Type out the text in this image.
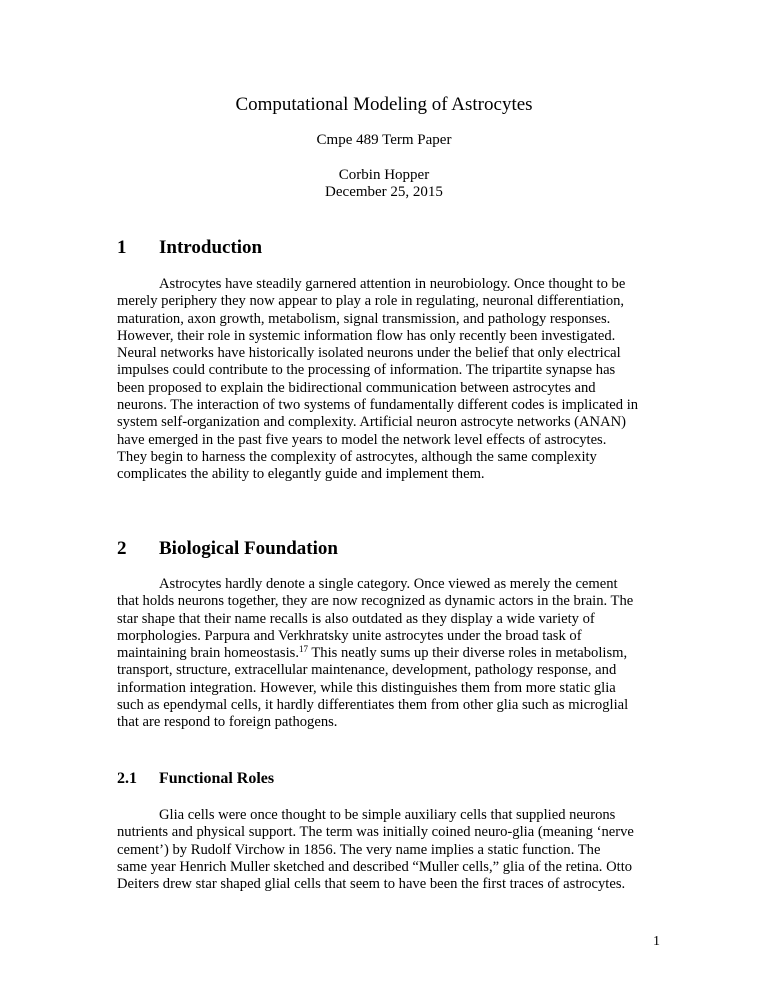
Computational Modeling of Astrocytes
Cmpe 489 Term Paper
Corbin Hopper
December 25, 2015
1 Introduction
Astrocytes have steadily garnered attention in neurobiology. Once thought to be
merely periphery they now appear to play a role in regulating, neuronal differentiation,
maturation, axon growth, metabolism, signal transmission, and pathology responses.
However, their role in systemic information flow has only recently been investigated.
Neural networks have historically isolated neurons under the belief that only electrical
impulses could contribute to the processing of information. The tripartite synapse has
been proposed to explain the bidirectional communication between astrocytes and
neurons. The interaction of two systems of fundamentally different codes is implicated in
system self-organization and complexity. Artificial neuron astrocyte networks (ANAN)
have emerged in the past five years to model the network level effects of astrocytes.
They begin to harness the complexity of astrocytes, although the same complexity
complicates the ability to elegantly guide and implement them.
2 Biological Foundation
Astrocytes hardly denote a single category. Once viewed as merely the cement
that holds neurons together, they are now recognized as dynamic actors in the brain. The
star shape that their name recalls is also outdated as they display a wide variety of
morphologies. Parpura and Verkhratsky unite astrocytes under the broad task of
maintaining brain homeostasis.$^{17}$ This neatly sums up their diverse roles in metabolism,
transport, structure, extracellular maintenance, development, pathology response, and
information integration. However, while this distinguishes them from more static glia
such as ependymal cells, it hardly differentiates them from other glia such as microglial
that are respond to foreign pathogens.
2.1 Functional Roles
Glia cells were once thought to be simple auxiliary cells that supplied neurons
nutrients and physical support. The term was initially coined neuro-glia (meaning ‘nerve
cement’) by Rudolf Virchow in 1856. The very name implies a static function. The
same year Henrich Muller sketched and described “Muller cells,” glia of the retina. Otto
Deiters drew star shaped glial cells that seem to have been the first traces of astrocytes.
1
